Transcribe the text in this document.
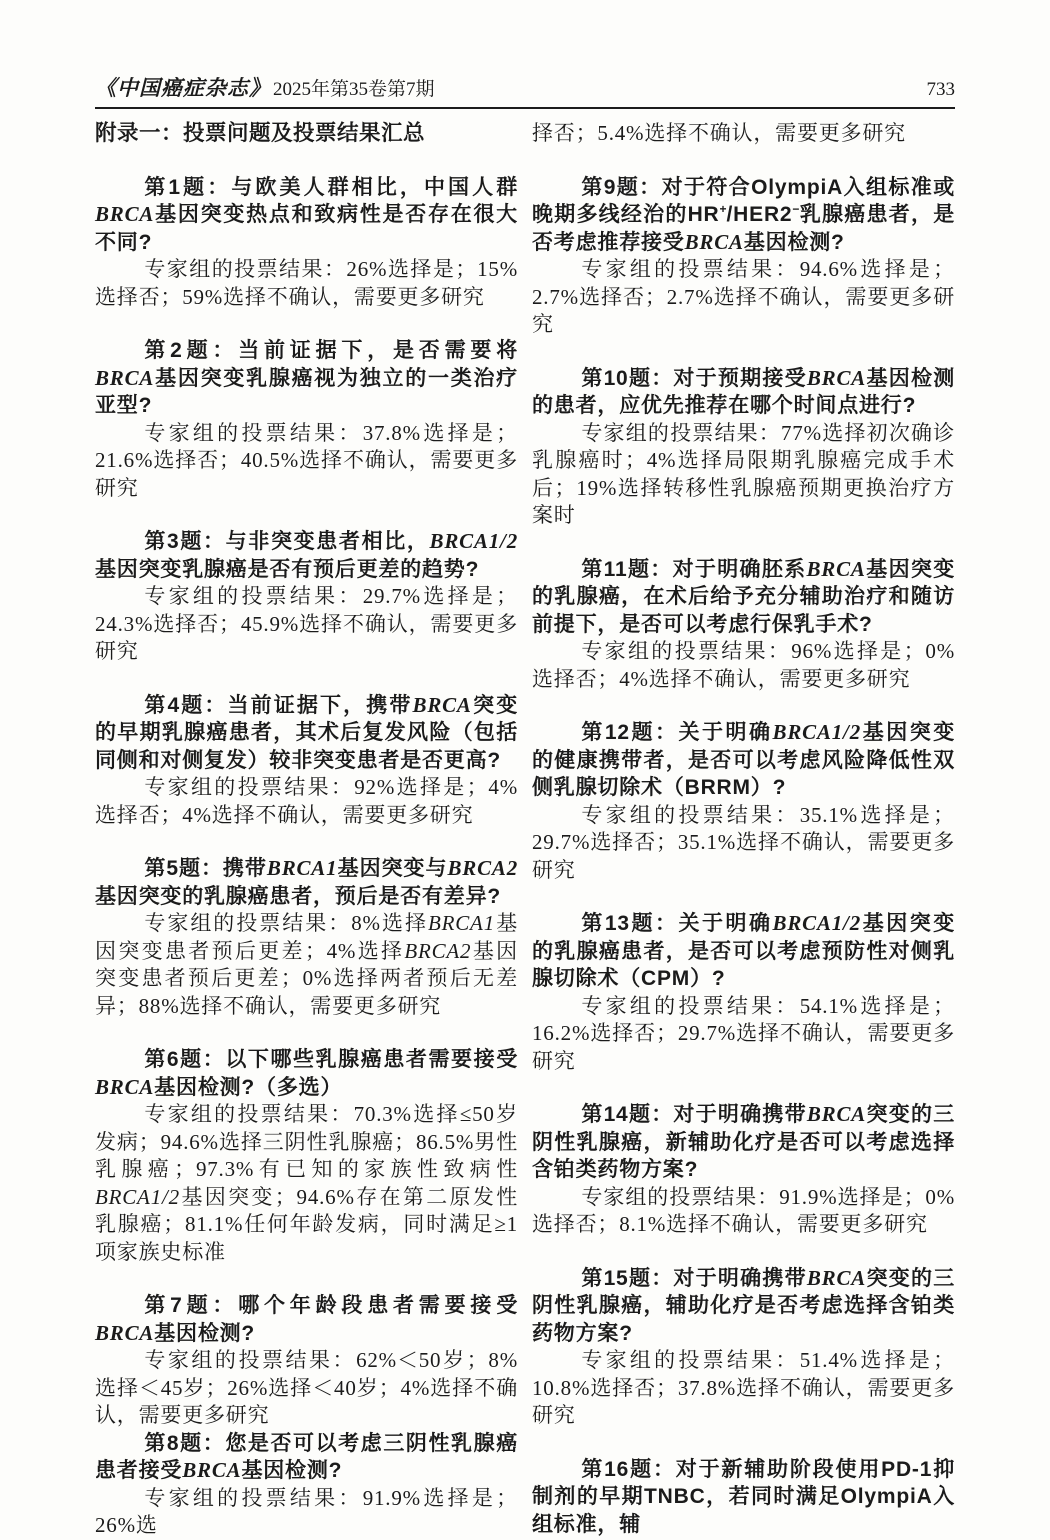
《中国癌症杂志》 2025年第35卷第7期	733

附录一：投票问题及投票结果汇总

第1题：与欧美人群相比，中国人群BRCA基因突变热点和致病性是否存在很大不同?

专家组的投票结果：26%选择是；15%选择否；59%选择不确认，需要更多研究

第2题：当前证据下，是否需要将BRCA基因突变乳腺癌视为独立的一类治疗亚型?

专家组的投票结果：37.8%选择是；21.6%选择否；40.5%选择不确认，需要更多研究

第3题：与非突变患者相比，BRCA1/2基因突变乳腺癌是否有预后更差的趋势?

专家组的投票结果：29.7%选择是；24.3%选择否；45.9%选择不确认，需要更多研究

第4题：当前证据下，携带BRCA突变的早期乳腺癌患者，其术后复发风险（包括同侧和对侧复发）较非突变患者是否更高?

专家组的投票结果：92%选择是；4%选择否；4%选择不确认，需要更多研究

第5题：携带BRCA1基因突变与BRCA2基因突变的乳腺癌患者，预后是否有差异?

专家组的投票结果：8%选择BRCA1基因突变患者预后更差；4%选择BRCA2基因突变患者预后更差；0%选择两者预后无差异；88%选择不确认，需要更多研究

第6题：以下哪些乳腺癌患者需要接受BRCA基因检测?（多选）

专家组的投票结果：70.3%选择≤50岁发病；94.6%选择三阴性乳腺癌；86.5%男性乳腺癌；97.3%有已知的家族性致病性BRCA1/2基因突变；94.6%存在第二原发性乳腺癌；81.1%任何年龄发病，同时满足≥1项家族史标准

第7题：哪个年龄段患者需要接受BRCA基因检测?

专家组的投票结果：62%＜50岁；8%选择＜45岁；26%选择＜40岁；4%选择不确认，需要更多研究

第8题：您是否可以考虑三阴性乳腺癌患者接受BRCA基因检测?

专家组的投票结果：91.9%选择是；26%选

择否；5.4%选择不确认，需要更多研究

第9题：对于符合OlympiA入组标准或晚期多线经治的HR+/HER2−乳腺癌患者，是否考虑推荐接受BRCA基因检测?

专家组的投票结果：94.6%选择是；2.7%选择否；2.7%选择不确认，需要更多研究

第10题：对于预期接受BRCA基因检测的患者，应优先推荐在哪个时间点进行?

专家组的投票结果：77%选择初次确诊乳腺癌时；4%选择局限期乳腺癌完成手术后；19%选择转移性乳腺癌预期更换治疗方案时

第11题：对于明确胚系BRCA基因突变的乳腺癌，在术后给予充分辅助治疗和随访前提下，是否可以考虑行保乳手术?

专家组的投票结果：96%选择是；0%选择否；4%选择不确认，需要更多研究

第12题：关于明确BRCA1/2基因突变的健康携带者，是否可以考虑风险降低性双侧乳腺切除术（BRRM）?

专家组的投票结果：35.1%选择是；29.7%选择否；35.1%选择不确认，需要更多研究

第13题：关于明确BRCA1/2基因突变的乳腺癌患者，是否可以考虑预防性对侧乳腺切除术（CPM）?

专家组的投票结果：54.1%选择是；16.2%选择否；29.7%选择不确认，需要更多研究

第14题：对于明确携带BRCA突变的三阴性乳腺癌，新辅助化疗是否可以考虑选择含铂类药物方案?

专家组的投票结果：91.9%选择是；0%选择否；8.1%选择不确认，需要更多研究

第15题：对于明确携带BRCA突变的三阴性乳腺癌，辅助化疗是否考虑选择含铂类药物方案?

专家组的投票结果：51.4%选择是；10.8%选择否；37.8%选择不确认，需要更多研究

第16题：对于新辅助阶段使用PD-1抑制剂的早期TNBC，若同时满足OlympiA入组标准，辅
